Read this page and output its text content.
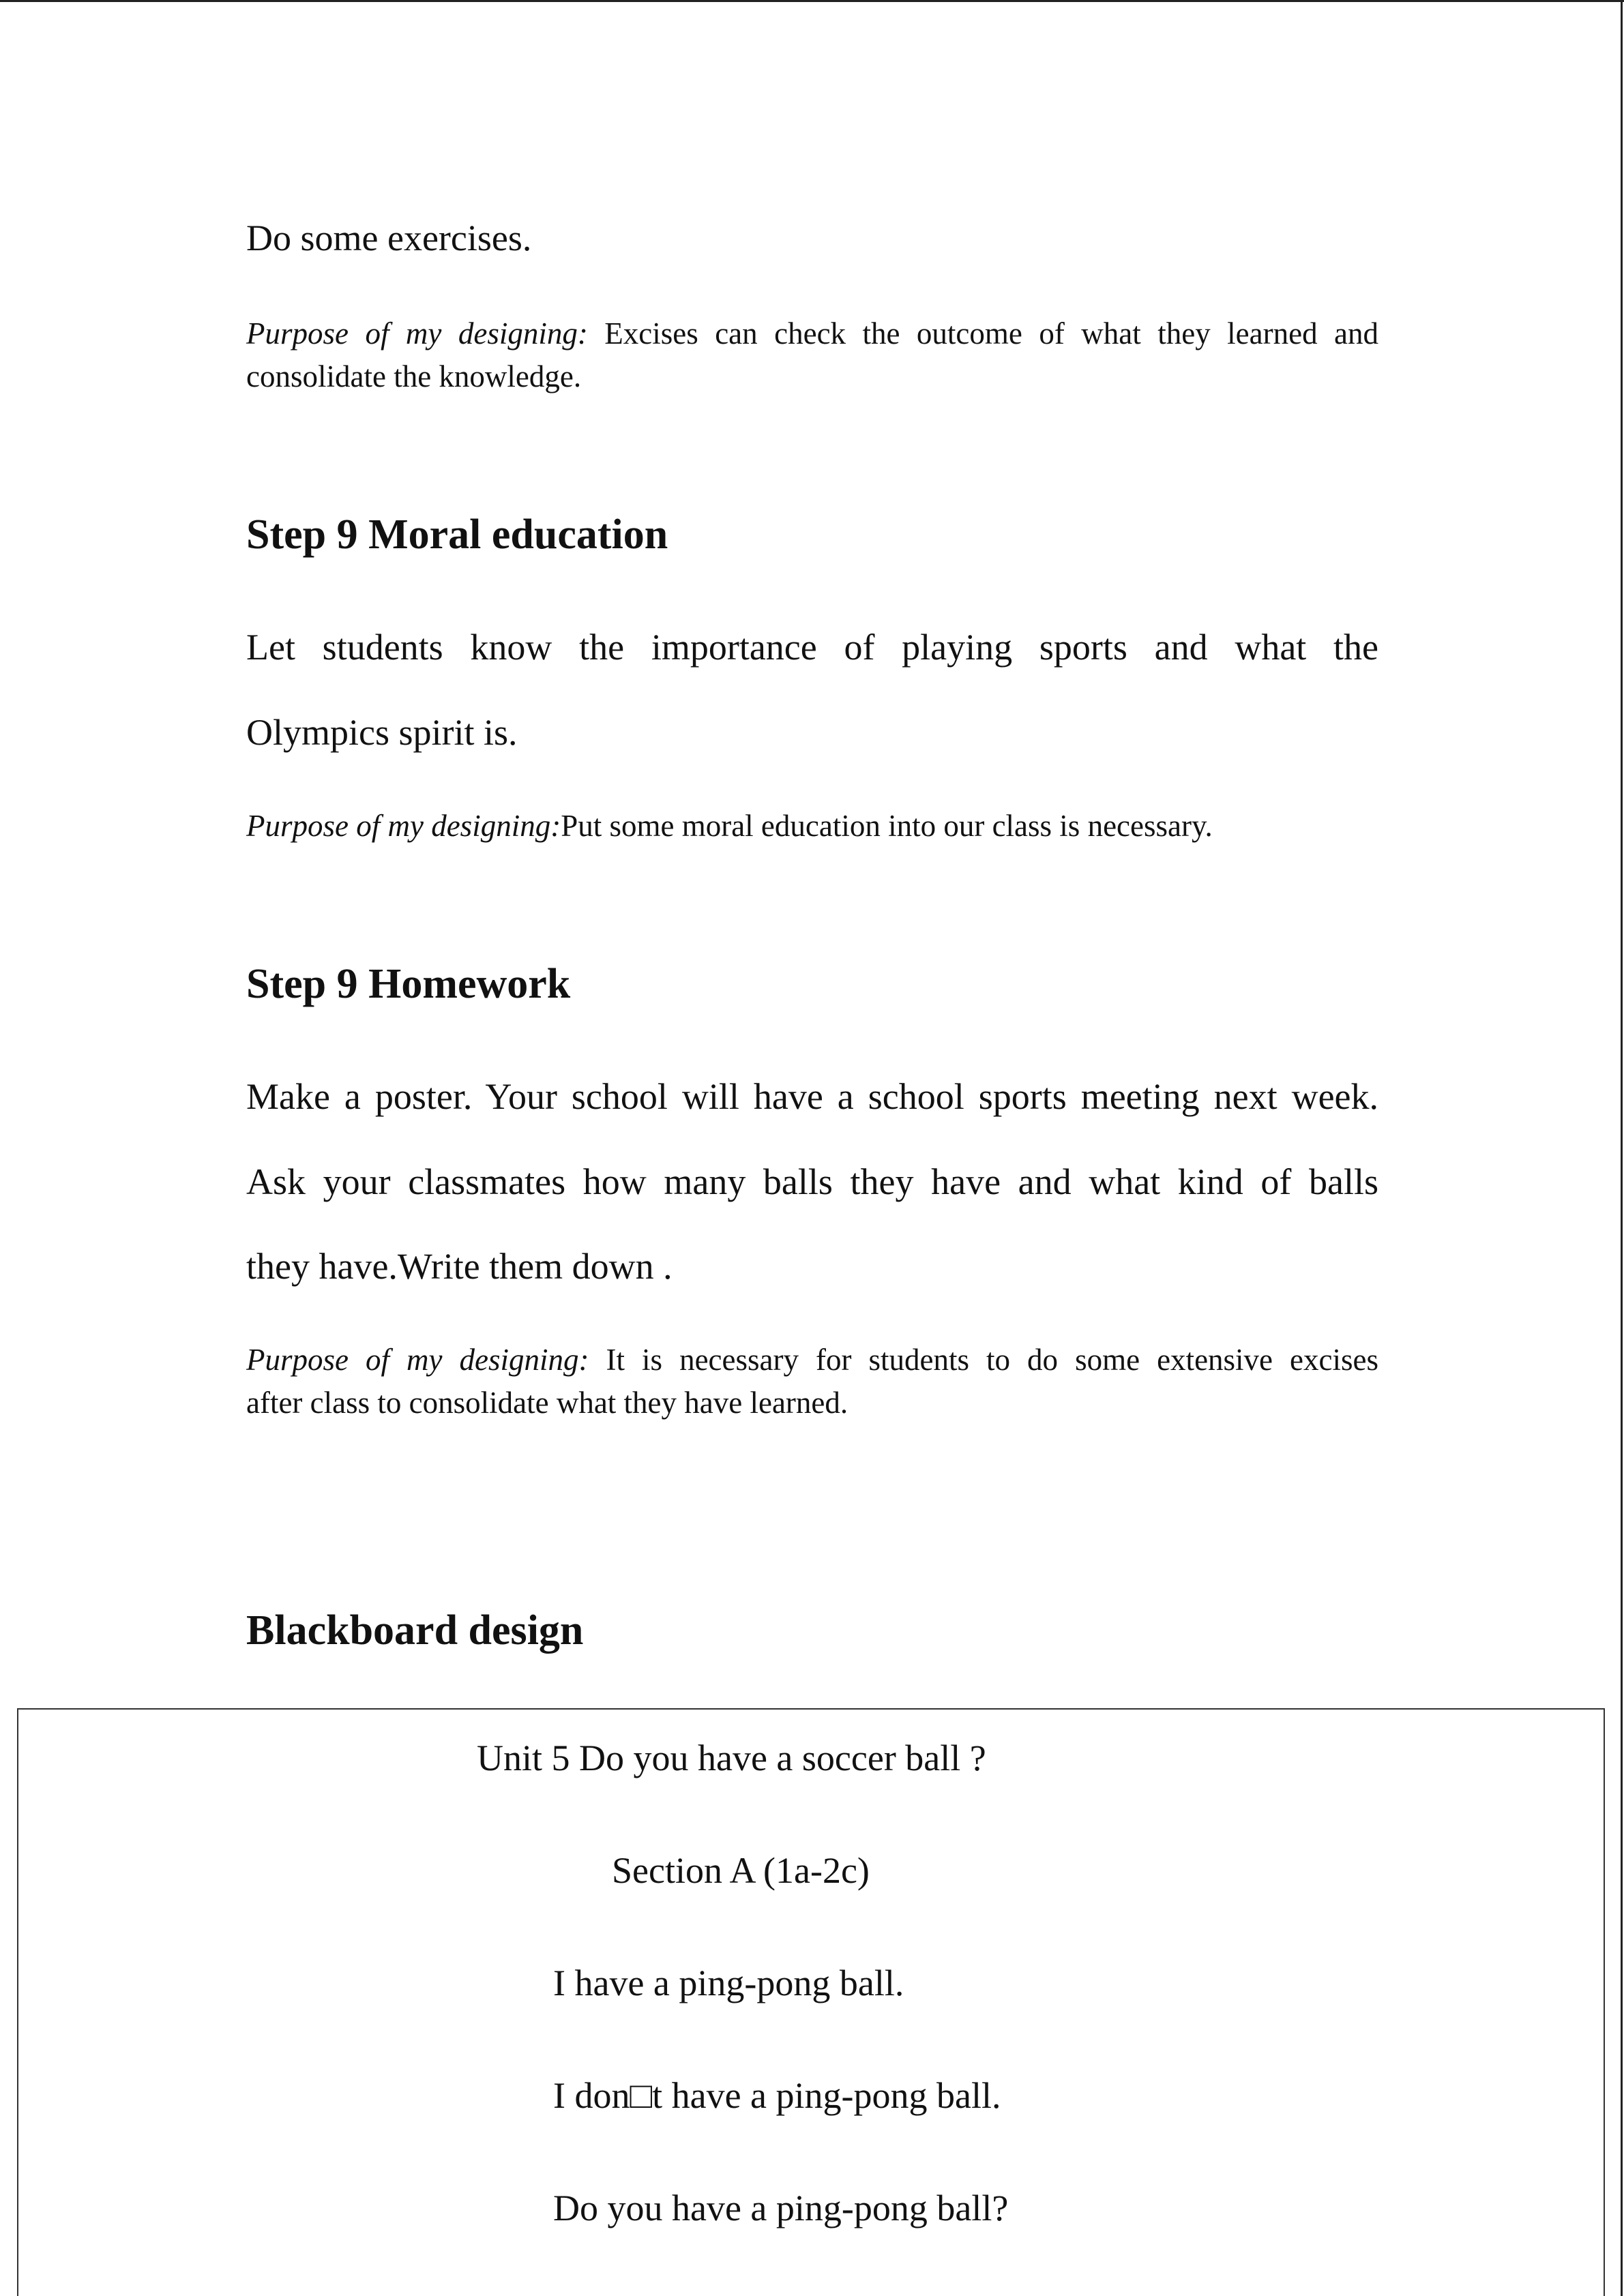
Do some exercises.
Purpose of my designing: Excises can check the outcome of what they learned and
consolidate the knowledge.
Step 9 Moral education
Let students know the importance of playing sports and what the
Olympics spirit is.
Purpose of my designing:Put some moral education into our class is necessary.
Step 9 Homework
Make a poster. Your school will have a school sports meeting next week.
Ask your classmates how many balls they have and what kind of balls
they have.Write them down .
Purpose of my designing: It is necessary for students to do some extensive excises
after class to consolidate what they have learned.
Blackboard design
Unit 5 Do you have a soccer ball ?
Section A (1a-2c)
I have a ping-pong ball.
I don□t have a ping-pong ball.
Do you have a ping-pong ball?
